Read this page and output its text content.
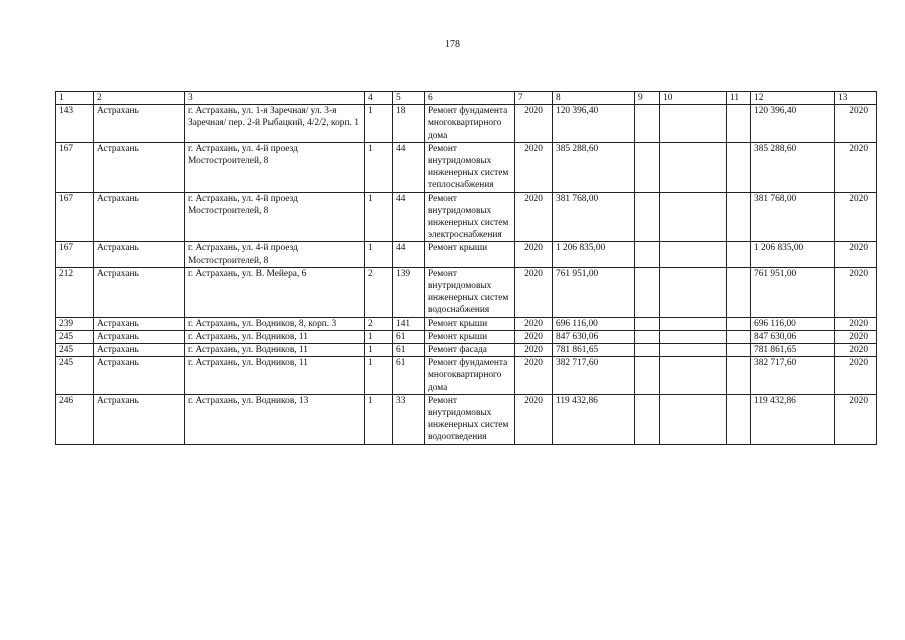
178
1	2	3	4	5	6	7	8	9	10	11	12	13
143	Астрахань	г. Астрахань, ул. 1-я Заречная/ ул. 3-я Заречная/ пер. 2-й Рыбацкий, 4/2/2, корп. 1	1	18	Ремонт фундамента многоквартирного дома	2020	120 396,40				120 396,40	2020
167	Астрахань	г. Астрахань, ул. 4-й проезд Мостостроителей, 8	1	44	Ремонт внутридомовых инженерных систем теплоснабжения	2020	385 288,60				385 288,60	2020
167	Астрахань	г. Астрахань, ул. 4-й проезд Мостостроителей, 8	1	44	Ремонт внутридомовых инженерных систем электроснабжения	2020	381 768,00				381 768,00	2020
167	Астрахань	г. Астрахань, ул. 4-й проезд Мостостроителей, 8	1	44	Ремонт крыши	2020	1 206 835,00				1 206 835,00	2020
212	Астрахань	г. Астрахань, ул. В. Мейера, 6	2	139	Ремонт внутридомовых инженерных систем водоснабжения	2020	761 951,00				761 951,00	2020
239	Астрахань	г. Астрахань, ул. Водников, 8, корп. 3	2	141	Ремонт крыши	2020	696 116,00				696 116,00	2020
245	Астрахань	г. Астрахань, ул. Водников, 11	1	61	Ремонт крыши	2020	847 630,06				847 630,06	2020
245	Астрахань	г. Астрахань, ул. Водников, 11	1	61	Ремонт фасада	2020	781 861,65				781 861,65	2020
245	Астрахань	г. Астрахань, ул. Водников, 11	1	61	Ремонт фундамента многоквартирного дома	2020	382 717,60				382 717,60	2020
246	Астрахань	г. Астрахань, ул. Водников, 13	1	33	Ремонт внутридомовых инженерных систем водоотведения	2020	119 432,86				119 432,86	2020
